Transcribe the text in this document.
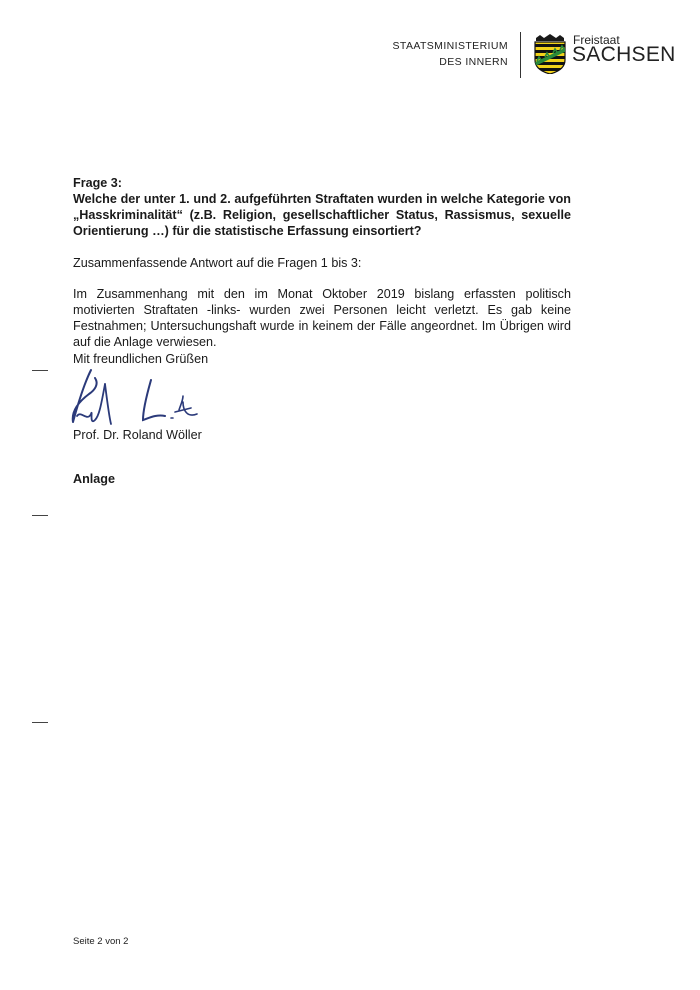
STAATSMINISTERIUM
DES INNERN
Freistaat
SACHSEN
Frage 3:
Welche der unter 1. und 2. aufgeführten Straftaten wurden in welche Kategorie von „Hasskriminalität“ (z.B. Religion, gesellschaftlicher Status, Rassismus, sexuelle Orientierung …) für die statistische Erfassung einsortiert?
Zusammenfassende Antwort auf die Fragen 1 bis 3:
Im Zusammenhang mit den im Monat Oktober 2019 bislang erfassten politisch motivierten Straftaten -links- wurden zwei Personen leicht verletzt. Es gab keine Festnahmen; Untersuchungshaft wurde in keinem der Fälle angeordnet. Im Übrigen wird auf die Anlage verwiesen.
Mit freundlichen Grüßen
Prof. Dr. Roland Wöller
Anlage
Seite 2 von 2
